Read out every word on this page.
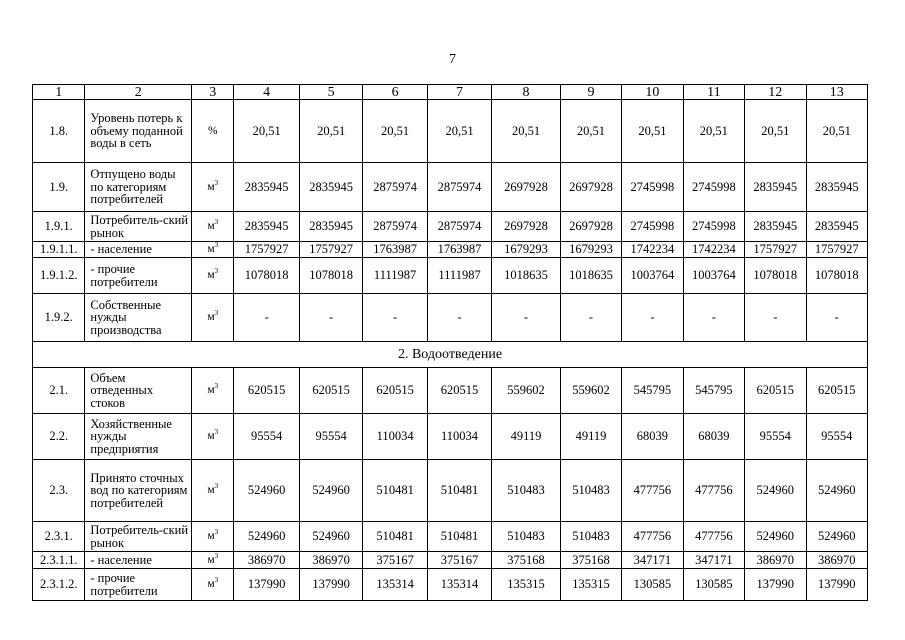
7
1	2	3	4	5	6	7	8	9	10	11	12	13
1.8.	Уровень потерь к объему поданной воды в сеть	%	20,51	20,51	20,51	20,51	20,51	20,51	20,51	20,51	20,51	20,51
1.9.	Отпущено воды по категориям потребителей	$м^3$	2835945	2835945	2875974	2875974	2697928	2697928	2745998	2745998	2835945	2835945
1.9.1.	Потребитель-ский рынок	$м^3$	2835945	2835945	2875974	2875974	2697928	2697928	2745998	2745998	2835945	2835945
1.9.1.1.	- население	$м^3$	1757927	1757927	1763987	1763987	1679293	1679293	1742234	1742234	1757927	1757927
1.9.1.2.	- прочие потребители	$м^3$	1078018	1078018	1111987	1111987	1018635	1018635	1003764	1003764	1078018	1078018
1.9.2.	Собственные нужды производства	$м^3$	-	-	-	-	-	-	-	-	-	-
2. Водоотведение												
2.1.	Объем отведенных стоков	$м^3$	620515	620515	620515	620515	559602	559602	545795	545795	620515	620515
2.2.	Хозяйственные нужды предприятия	$м^3$	95554	95554	110034	110034	49119	49119	68039	68039	95554	95554
2.3.	Принято сточных вод по категориям потребителей	$м^3$	524960	524960	510481	510481	510483	510483	477756	477756	524960	524960
2.3.1.	Потребитель-ский рынок	$м^3$	524960	524960	510481	510481	510483	510483	477756	477756	524960	524960
2.3.1.1.	- население	$м^3$	386970	386970	375167	375167	375168	375168	347171	347171	386970	386970
2.3.1.2.	- прочие потребители	$м^3$	137990	137990	135314	135314	135315	135315	130585	130585	137990	137990
